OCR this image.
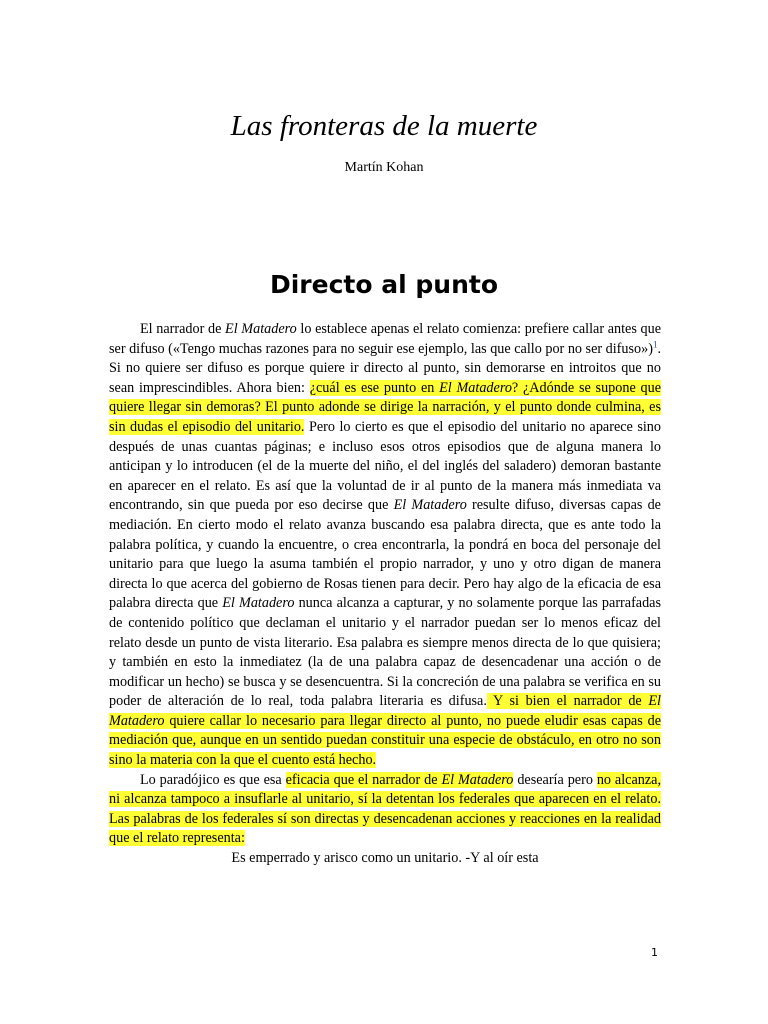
Las fronteras de la muerte
Martín Kohan
Directo al punto

El narrador de El Matadero lo establece apenas el relato comienza: prefiere callar antes que ser difuso («Tengo muchas razones para no seguir ese ejemplo, las que callo por no ser difuso»)$^1$. Si no quiere ser difuso es porque quiere ir directo al punto, sin demorarse en introitos que no sean imprescindibles. Ahora bien: ¿cuál es ese punto en El Matadero? ¿Adónde se supone que quiere llegar sin demoras? El punto adonde se dirige la narración, y el punto donde culmina, es sin dudas el episodio del unitario. Pero lo cierto es que el episodio del unitario no aparece sino después de unas cuantas páginas; e incluso esos otros episodios que de alguna manera lo anticipan y lo introducen (el de la muerte del niño, el del inglés del saladero) demoran bastante en aparecer en el relato. Es así que la voluntad de ir al punto de la manera más inmediata va encontrando, sin que pueda por eso decirse que El Matadero resulte difuso, diversas capas de mediación. En cierto modo el relato avanza buscando esa palabra directa, que es ante todo la palabra política, y cuando la encuentre, o crea encontrarla, la pondrá en boca del personaje del unitario para que luego la asuma también el propio narrador, y uno y otro digan de manera directa lo que acerca del gobierno de Rosas tienen para decir. Pero hay algo de la eficacia de esa palabra directa que El Matadero nunca alcanza a capturar, y no solamente porque las parrafadas de contenido político que declaman el unitario y el narrador puedan ser lo menos eficaz del relato desde un punto de vista literario. Esa palabra es siempre menos directa de lo que quisiera; y también en esto la inmediatez (la de una palabra capaz de desencadenar una acción o de modificar un hecho) se busca y se desencuentra. Si la concreción de una palabra se verifica en su poder de alteración de lo real, toda palabra literaria es difusa. Y si bien el narrador de El Matadero quiere callar lo necesario para llegar directo al punto, no puede eludir esas capas de mediación que, aunque en un sentido puedan constituir una especie de obstáculo, en otro no son sino la materia con la que el cuento está hecho.

Lo paradójico es que esa eficacia que el narrador de El Matadero desearía pero no alcanza, ni alcanza tampoco a insuflarle al unitario, sí la detentan los federales que aparecen en el relato. Las palabras de los federales sí son directas y desencadenan acciones y reacciones en la realidad que el relato representa:

Es emperrado y arisco como un unitario. -Y al oír esta

1
